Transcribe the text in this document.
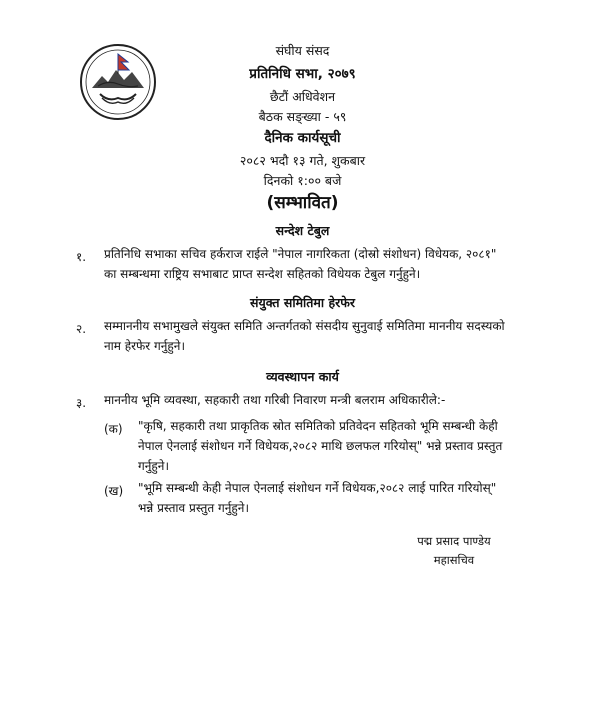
संघीय संसद
प्रतिनिधि सभा, २०७९
छैटौं अधिवेशन
बैठक सङ्ख्या - ५९
दैनिक कार्यसूची
२०८२ भदौ १३ गते, शुकबार
दिनको १:०० बजे
(सम्भावित)
सन्देश टेबुल
१. प्रतिनिधि सभाका सचिव हर्कराज राईले "नेपाल नागरिकता (दोस्रो संशोधन) विधेयक, २०८१"
का सम्बन्धमा राष्ट्रिय सभाबाट प्राप्त सन्देश सहितको विधेयक टेबुल गर्नुहुने।
संयुक्त समितिमा हेरफेर
२. सम्माननीय सभामुखले संयुक्त समिति अन्तर्गतको संसदीय सुनुवाई समितिमा माननीय सदस्यको
नाम हेरफेर गर्नुहुने।
व्यवस्थापन कार्य
३. माननीय भूमि व्यवस्था, सहकारी तथा गरिबी निवारण मन्त्री बलराम अधिकारीले:-
(क) "कृषि, सहकारी तथा प्राकृतिक स्रोत समितिको प्रतिवेदन सहितको भूमि सम्बन्धी केही
नेपाल ऐनलाई संशोधन गर्ने विधेयक,२०८२ माथि छलफल गरियोस्" भन्ने प्रस्ताव प्रस्तुत
गर्नुहुने।
(ख) "भूमि सम्बन्धी केही नेपाल ऐनलाई संशोधन गर्ने विधेयक,२०८२ लाई पारित गरियोस्"
भन्ने प्रस्ताव प्रस्तुत गर्नुहुने।
पद्म प्रसाद पाण्डेय
महासचिव
